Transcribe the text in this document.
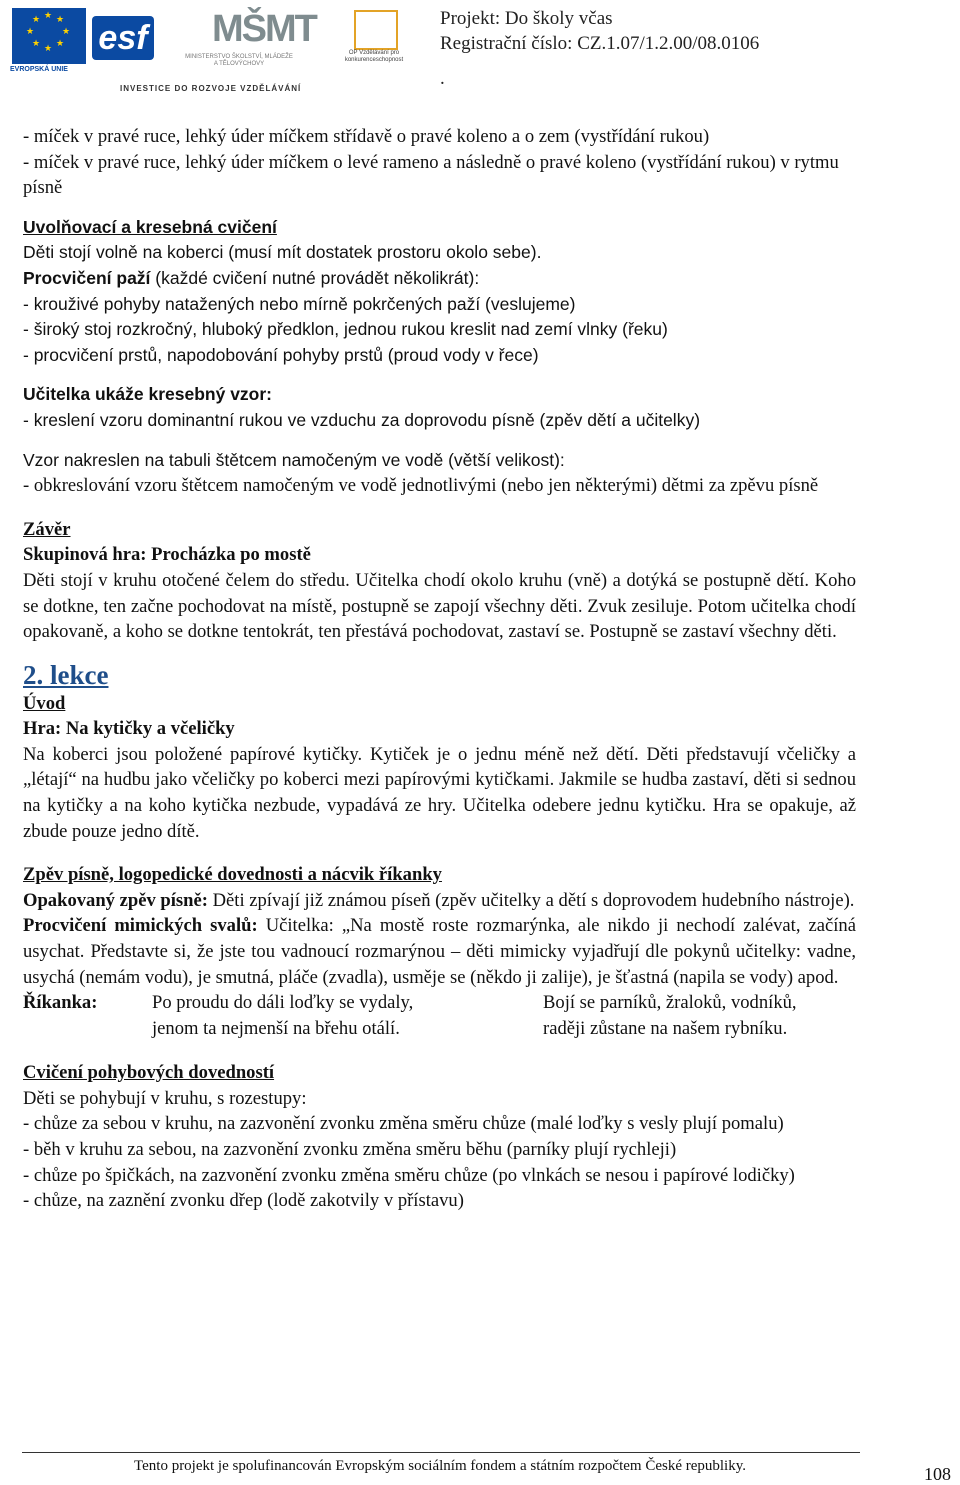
★ ★
★
★
★
★
★
★
EVROPSKÁ UNIE
esf MŠMT
MINISTERSTVO ŠKOLSTVÍ, MLÁDEŽE A TĚLOVÝCHOVY
OP Vzdělávání pro konkurenceschopnost
INVESTICE DO ROZVOJE VZDĚLÁVÁNÍ
Projekt: Do školy včas
Registrační číslo: CZ.1.07/1.2.00/08.0106
.

- míček v pravé ruce, lehký úder míčkem střídavě o pravé koleno a o zem (vystřídání rukou)

- míček v pravé ruce, lehký úder míčkem o levé rameno a následně o pravé koleno (vystřídání rukou) v rytmu písně

Uvolňovací a kresebná cvičení

Děti stojí volně na koberci (musí mít dostatek prostoru okolo sebe).

Procvičení paží (každé cvičení nutné provádět několikrát):

- krouživé pohyby natažených nebo mírně pokrčených paží (veslujeme)

- široký stoj rozkročný, hluboký předklon, jednou rukou kreslit nad zemí vlnky (řeku)

- procvičení prstů, napodobování pohyby prstů (proud vody v řece)

Učitelka ukáže kresebný vzor:

- kreslení vzoru dominantní rukou ve vzduchu za doprovodu písně (zpěv dětí a učitelky)

Vzor nakreslen na tabuli štětcem namočeným ve vodě (větší velikost):

- obkreslování vzoru štětcem namočeným ve vodě jednotlivými (nebo jen některými) dětmi za zpěvu písně

Závěr

Skupinová hra: Procházka po mostě

Děti stojí v kruhu otočené čelem do středu. Učitelka chodí okolo kruhu (vně) a dotýká se postupně dětí. Koho se dotkne, ten začne pochodovat na místě, postupně se zapojí všechny děti. Zvuk zesiluje. Potom učitelka chodí opakovaně, a koho se dotkne tentokrát, ten přestává pochodovat, zastaví se. Postupně se zastaví všechny děti.

2. lekce

Úvod

Hra: Na kytičky a včeličky

Na koberci jsou položené papírové kytičky. Kytiček je o jednu méně než dětí. Děti představují včeličky a „létají“ na hudbu jako včeličky po koberci mezi papírovými kytičkami. Jakmile se hudba zastaví, děti si sednou na kytičky a na koho kytička nezbude, vypadává ze hry. Učitelka odebere jednu kytičku. Hra se opakuje, až zbude pouze jedno dítě.

Zpěv písně, logopedické dovednosti a nácvik říkanky

Opakovaný zpěv písně: Děti zpívají již známou píseň (zpěv učitelky a dětí s doprovodem hudebního nástroje).

Procvičení mimických svalů: Učitelka: „Na mostě roste rozmarýnka, ale nikdo ji nechodí zalévat, začíná usychat. Představte si, že jste tou vadnoucí rozmarýnou – děti mimicky vyjadřují dle pokynů učitelky: vadne, usychá (nemám vodu), je smutná, pláče (zvadla), usměje se (někdo ji zalije), je šťastná (napila se vody) apod.

Říkanka:	Po proudu do dáli loďky se vydaly,
jenom ta nejmenší na břehu otálí.
Bojí se parníků, žraloků, vodníků,
raději zůstane na našem rybníku.

Cvičení pohybových dovedností

Děti se pohybují v kruhu, s rozestupy:

- chůze za sebou v kruhu, na zazvonění zvonku změna směru chůze (malé loďky s vesly plují pomalu)

- běh v kruhu za sebou, na zazvonění zvonku změna směru běhu (parníky plují rychleji)

- chůze po špičkách, na zazvonění zvonku změna směru chůze (po vlnkách se nesou i papírové lodičky)

- chůze, na zaznění zvonku dřep (lodě zakotvily v přístavu)

Tento projekt je spolufinancován Evropským sociálním fondem a státním rozpočtem České republiky.	108
